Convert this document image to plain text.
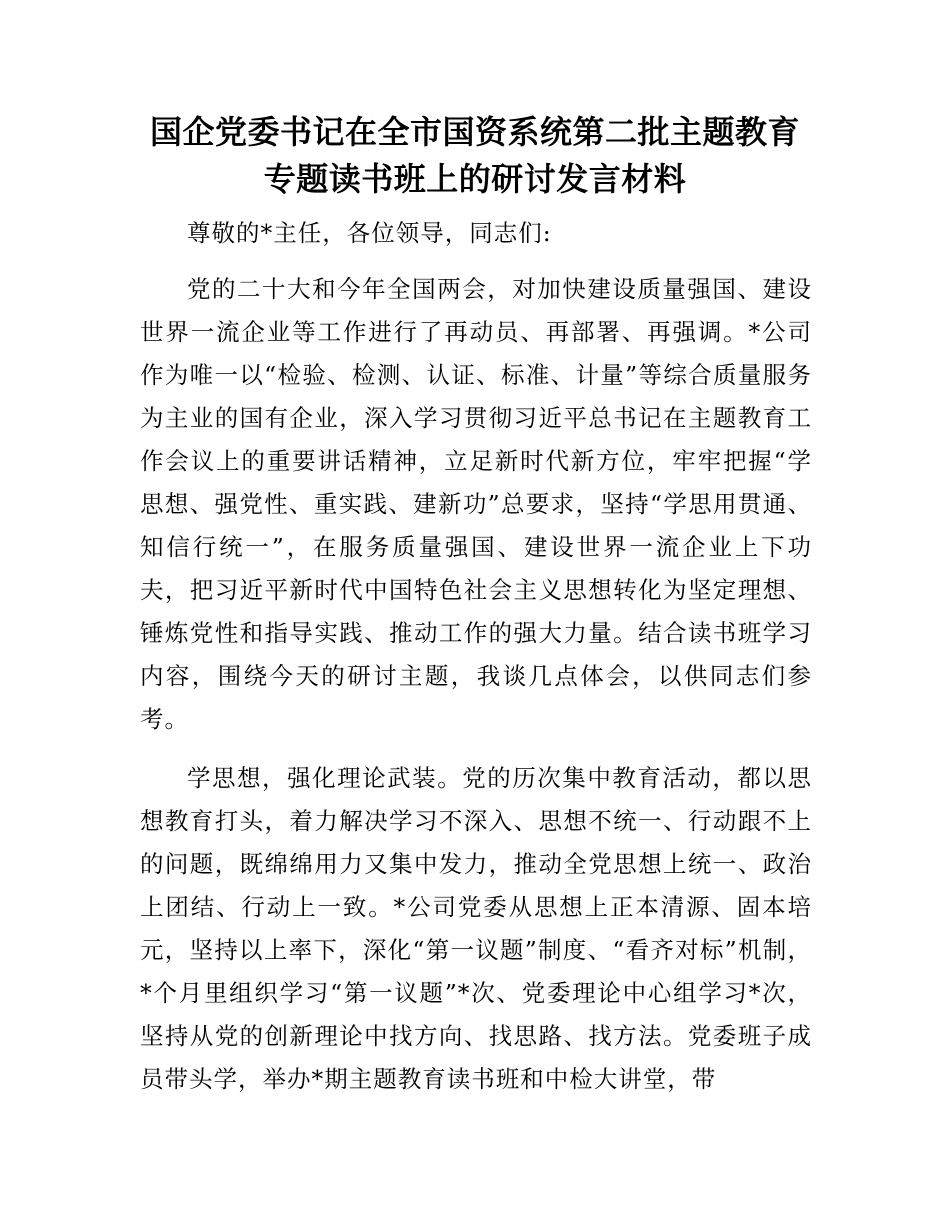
国企党委书记在全市国资系统第二批主题教育
专题读书班上的研讨发言材料

尊敬的*主任，各位领导，同志们:

党的二十大和今年全国两会，对加快建设质量强国、建设世界一流企业等工作进行了再动员、再部署、再强调。*公司作为唯一以“检验、检测、认证、标准、计量”等综合质量服务为主业的国有企业，深入学习贯彻习近平总书记在主题教育工作会议上的重要讲话精神，立足新时代新方位，牢牢把握“学思想、强党性、重实践、建新功”总要求，坚持“学思用贯通、知信行统一”，在服务质量强国、建设世界一流企业上下功夫，把习近平新时代中国特色社会主义思想转化为坚定理想、锤炼党性和指导实践、推动工作的强大力量。结合读书班学习内容，围绕今天的研讨主题，我谈几点体会，以供同志们参考。

学思想，强化理论武装。党的历次集中教育活动，都以思想教育打头，着力解决学习不深入、思想不统一、行动跟不上的问题，既绵绵用力又集中发力，推动全党思想上统一、政治上团结、行动上一致。*公司党委从思想上正本清源、固本培元，坚持以上率下，深化“第一议题”制度、“看齐对标”机制，*个月里组织学习“第一议题”*次、党委理论中心组学习*次，坚持从党的创新理论中找方向、找思路、找方法。党委班子成员带头学，举办*期主题教育读书班和中检大讲堂，带
